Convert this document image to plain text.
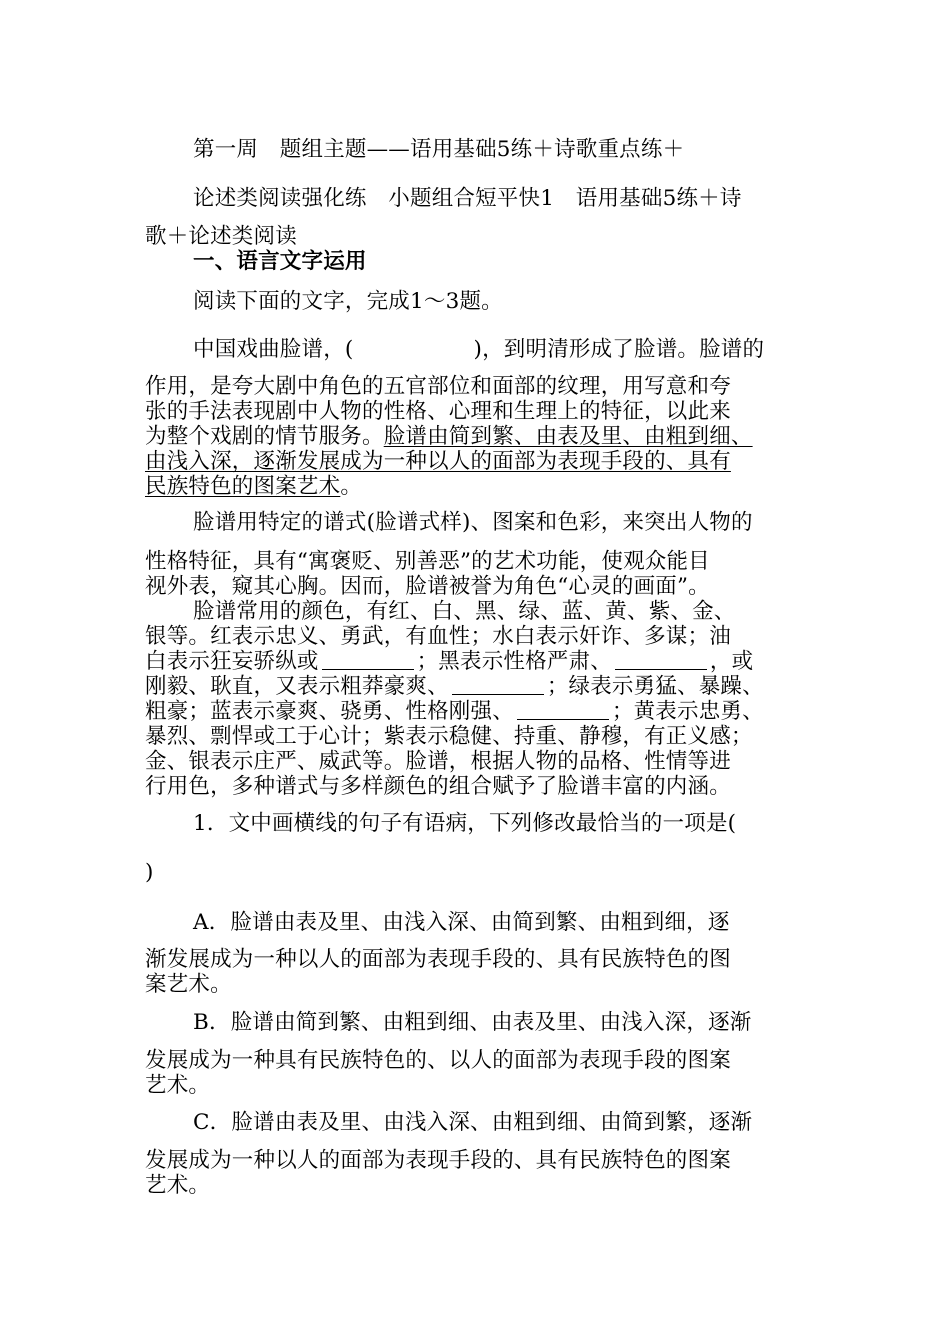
第一周　题组主题——语用基础5练＋诗歌重点练＋
论述类阅读强化练　小题组合短平快1　语用基础5练＋诗
歌＋论述类阅读
一、语言文字运用
阅读下面的文字，完成1～3题。
中国戏曲脸谱，(	)，到明清形成了脸谱。脸谱的
作用，是夸大剧中角色的五官部位和面部的纹理，用写意和夸
张的手法表现剧中人物的性格、心理和生理上的特征，以此来
为整个戏剧的情节服务。脸谱由简到繁、由表及里、由粗到细、
由浅入深，逐渐发展成为一种以人的面部为表现手段的、具有
民族特色的图案艺术。
脸谱用特定的谱式(脸谱式样)、图案和色彩，来突出人物的
性格特征，具有“寓褒贬、别善恶”的艺术功能，使观众能目
视外表，窥其心胸。因而，脸谱被誉为角色“心灵的画面”。
脸谱常用的颜色，有红、白、黑、绿、蓝、黄、紫、金、
银等。红表示忠义、勇武，有血性；水白表示奸诈、多谋；油
白表示狂妄骄纵或	；黑表示性格严肃、	，或
刚毅、耿直，又表示粗莽豪爽、	；绿表示勇猛、暴躁、
粗豪；蓝表示豪爽、骁勇、性格刚强、	；黄表示忠勇、
暴烈、剽悍或工于心计；紫表示稳健、持重、静穆，有正义感；
金、银表示庄严、威武等。脸谱，根据人物的品格、性情等进
行用色，多种谱式与多样颜色的组合赋予了脸谱丰富的内涵。
1．文中画横线的句子有语病，下列修改最恰当的一项是(
)
A．脸谱由表及里、由浅入深、由简到繁、由粗到细，逐
渐发展成为一种以人的面部为表现手段的、具有民族特色的图
案艺术。
B．脸谱由简到繁、由粗到细、由表及里、由浅入深，逐渐
发展成为一种具有民族特色的、以人的面部为表现手段的图案
艺术。
C．脸谱由表及里、由浅入深、由粗到细、由简到繁，逐渐
发展成为一种以人的面部为表现手段的、具有民族特色的图案
艺术。
